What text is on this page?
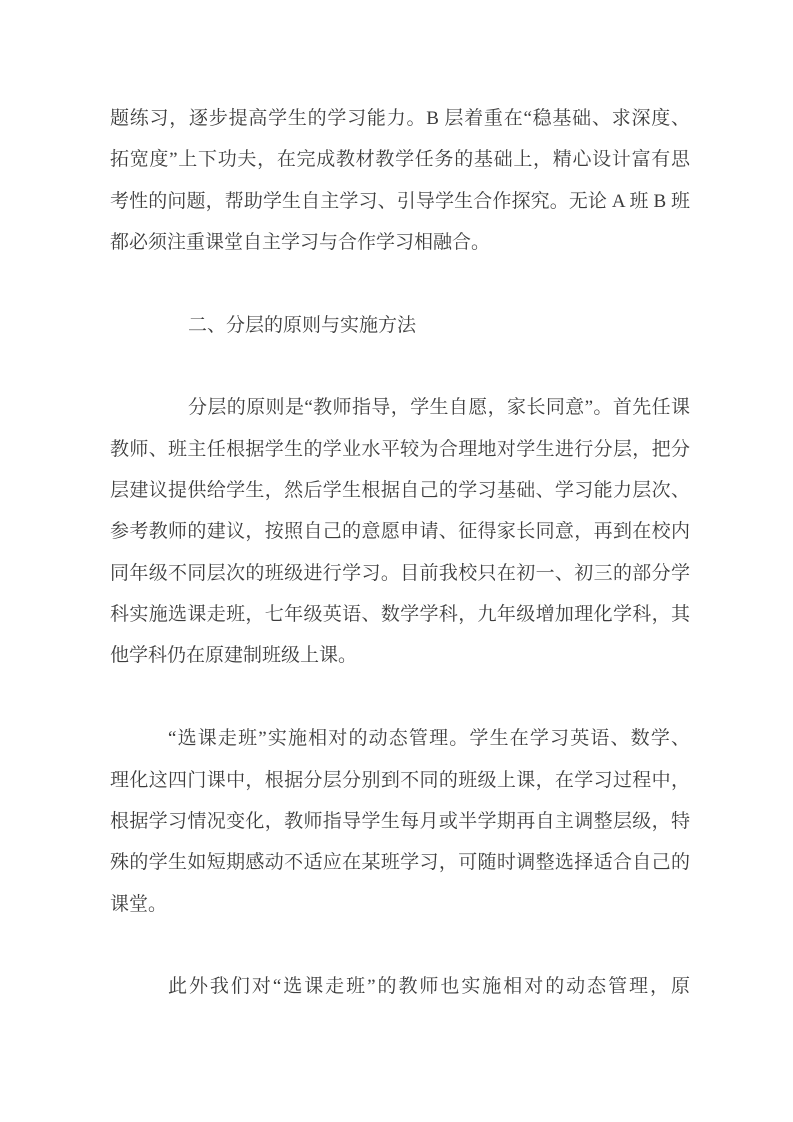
题练习，逐步提高学生的学习能力。B 层着重在“稳基础、求深度、
拓宽度”上下功夫，在完成教材教学任务的基础上，精心设计富有思
考性的问题，帮助学生自主学习、引导学生合作探究。无论 A 班 B 班
都必须注重课堂自主学习与合作学习相融合。
二、分层的原则与实施方法
分层的原则是“教师指导，学生自愿，家长同意”。首先任课
教师、班主任根据学生的学业水平较为合理地对学生进行分层，把分
层建议提供给学生，然后学生根据自己的学习基础、学习能力层次、
参考教师的建议，按照自己的意愿申请、征得家长同意，再到在校内
同年级不同层次的班级进行学习。目前我校只在初一、初三的部分学
科实施选课走班，七年级英语、数学学科，九年级增加理化学科，其
他学科仍在原建制班级上课。
“选课走班”实施相对的动态管理。学生在学习英语、数学、
理化这四门课中，根据分层分别到不同的班级上课，在学习过程中，
根据学习情况变化，教师指导学生每月或半学期再自主调整层级，特
殊的学生如短期感动不适应在某班学习，可随时调整选择适合自己的
课堂。
此外我们对“选课走班”的教师也实施相对的动态管理，原
